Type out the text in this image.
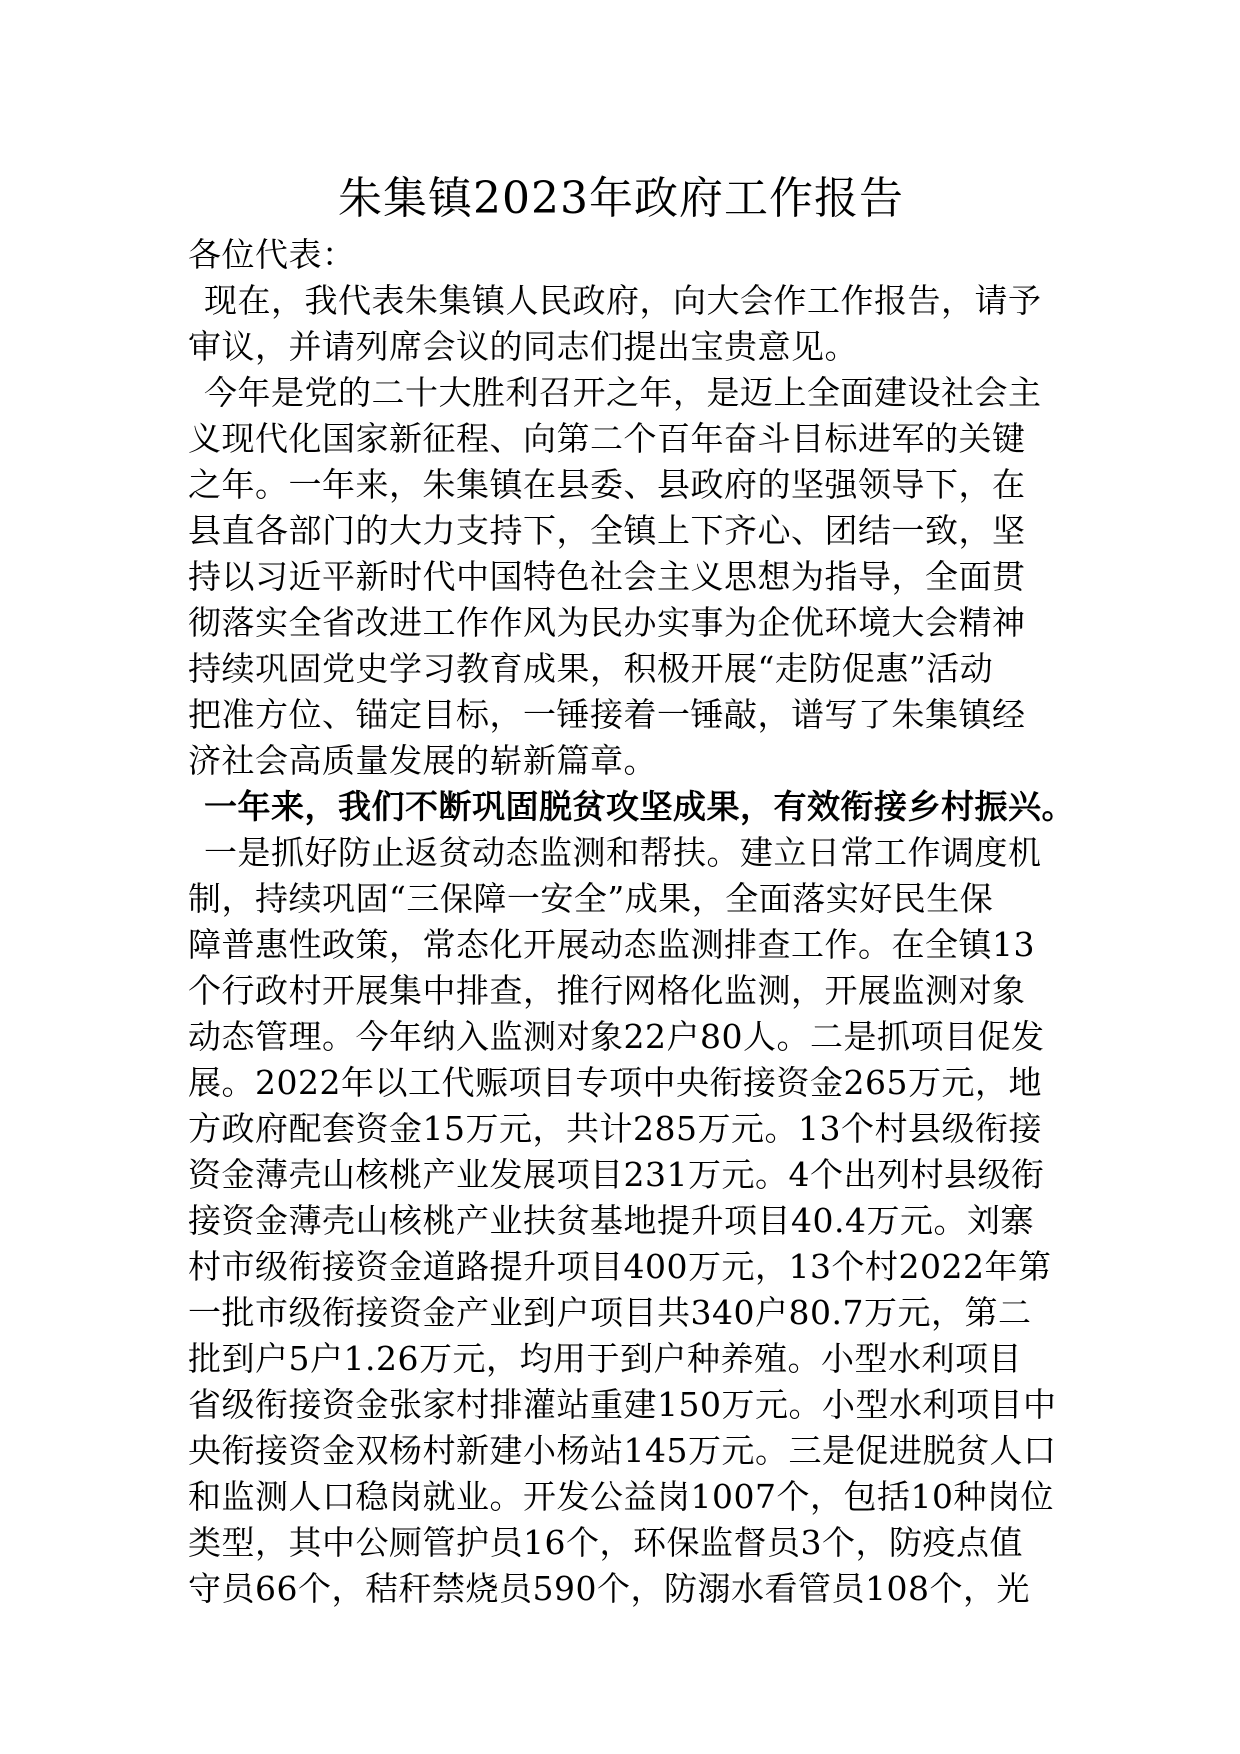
朱集镇2023年政府工作报告
各位代表：
现在，我代表朱集镇人民政府，向大会作工作报告，请予
审议，并请列席会议的同志们提出宝贵意见。
今年是党的二十大胜利召开之年，是迈上全面建设社会主
义现代化国家新征程、向第二个百年奋斗目标进军的关键
之年。一年来，朱集镇在县委、县政府的坚强领导下，在
县直各部门的大力支持下，全镇上下齐心、团结一致，坚
持以习近平新时代中国特色社会主义思想为指导，全面贯
彻落实全省改进工作作风为民办实事为企优环境大会精神
持续巩固党史学习教育成果，积极开展“走防促惠”活动
把准方位、锚定目标，一锤接着一锤敲，谱写了朱集镇经
济社会高质量发展的崭新篇章。
一年来，我们不断巩固脱贫攻坚成果，有效衔接乡村振兴。
一是抓好防止返贫动态监测和帮扶。建立日常工作调度机
制，持续巩固“三保障一安全”成果，全面落实好民生保
障普惠性政策，常态化开展动态监测排查工作。在全镇13
个行政村开展集中排查，推行网格化监测，开展监测对象
动态管理。今年纳入监测对象22户80人。二是抓项目促发
展。2022年以工代赈项目专项中央衔接资金265万元，地
方政府配套资金15万元，共计285万元。13个村县级衔接
资金薄壳山核桃产业发展项目231万元。4个出列村县级衔
接资金薄壳山核桃产业扶贫基地提升项目40.4万元。刘寨
村市级衔接资金道路提升项目400万元，13个村2022年第
一批市级衔接资金产业到户项目共340户80.7万元，第二
批到户5户1.26万元，均用于到户种养殖。小型水利项目
省级衔接资金张家村排灌站重建150万元。小型水利项目中
央衔接资金双杨村新建小杨站145万元。三是促进脱贫人口
和监测人口稳岗就业。开发公益岗1007个，包括10种岗位
类型，其中公厕管护员16个，环保监督员3个，防疫点值
守员66个，秸秆禁烧员590个，防溺水看管员108个，光
